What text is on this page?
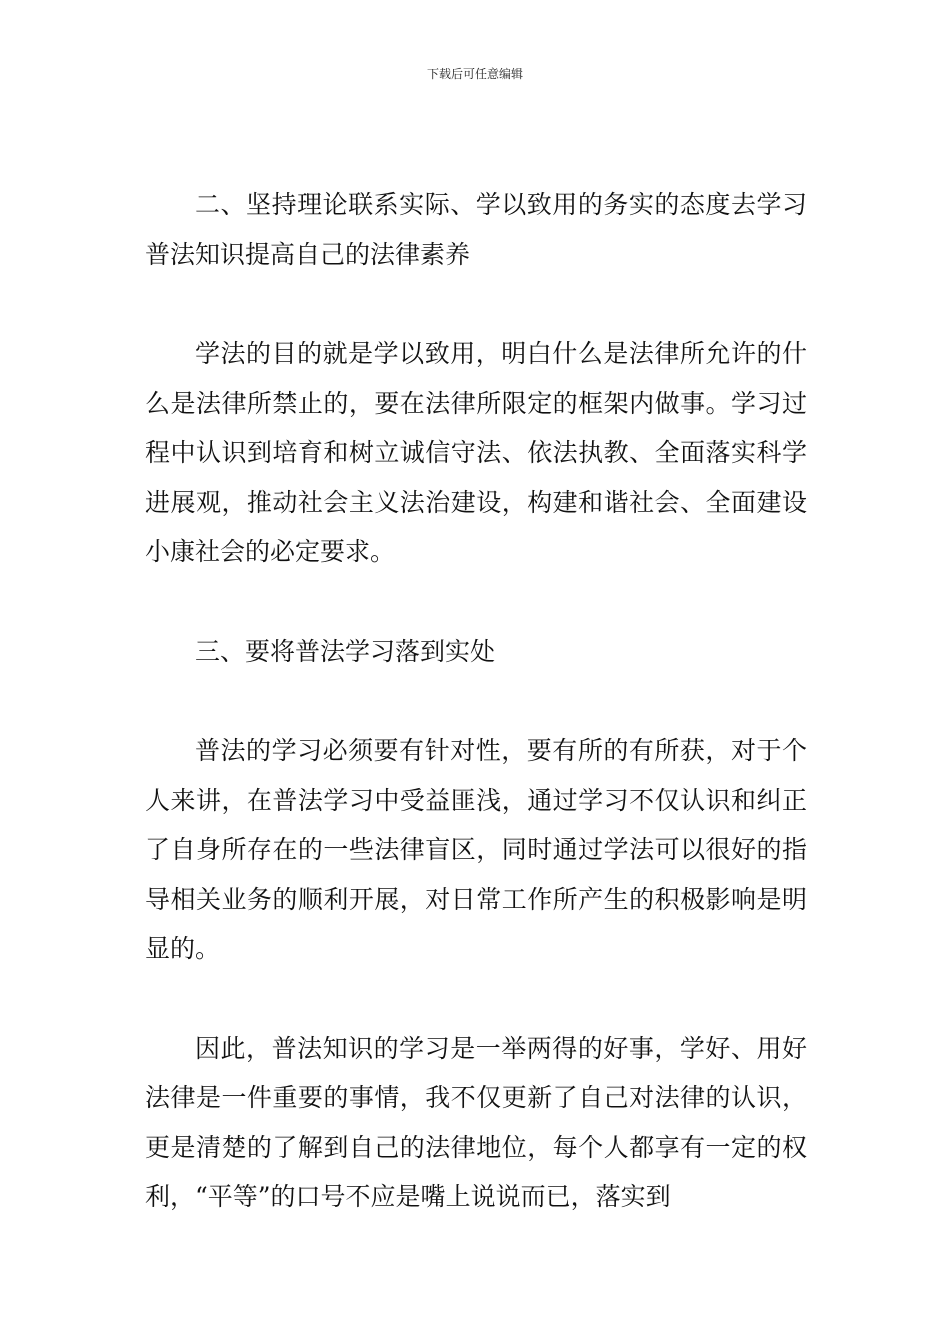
下载后可任意编辑

二、坚持理论联系实际、学以致用的务实的态度去学习普法知识提高自己的法律素养

学法的目的就是学以致用，明白什么是法律所允许的什么是法律所禁止的，要在法律所限定的框架内做事。学习过程中认识到培育和树立诚信守法、依法执教、全面落实科学进展观，推动社会主义法治建设，构建和谐社会、全面建设小康社会的必定要求。

三、要将普法学习落到实处

普法的学习必须要有针对性，要有所的有所获，对于个人来讲，在普法学习中受益匪浅，通过学习不仅认识和纠正了自身所存在的一些法律盲区，同时通过学法可以很好的指导相关业务的顺利开展，对日常工作所产生的积极影响是明显的。

因此，普法知识的学习是一举两得的好事，学好、用好法律是一件重要的事情，我不仅更新了自己对法律的认识，更是清楚的了解到自己的法律地位，每个人都享有一定的权利，“平等”的口号不应是嘴上说说而已，落实到
